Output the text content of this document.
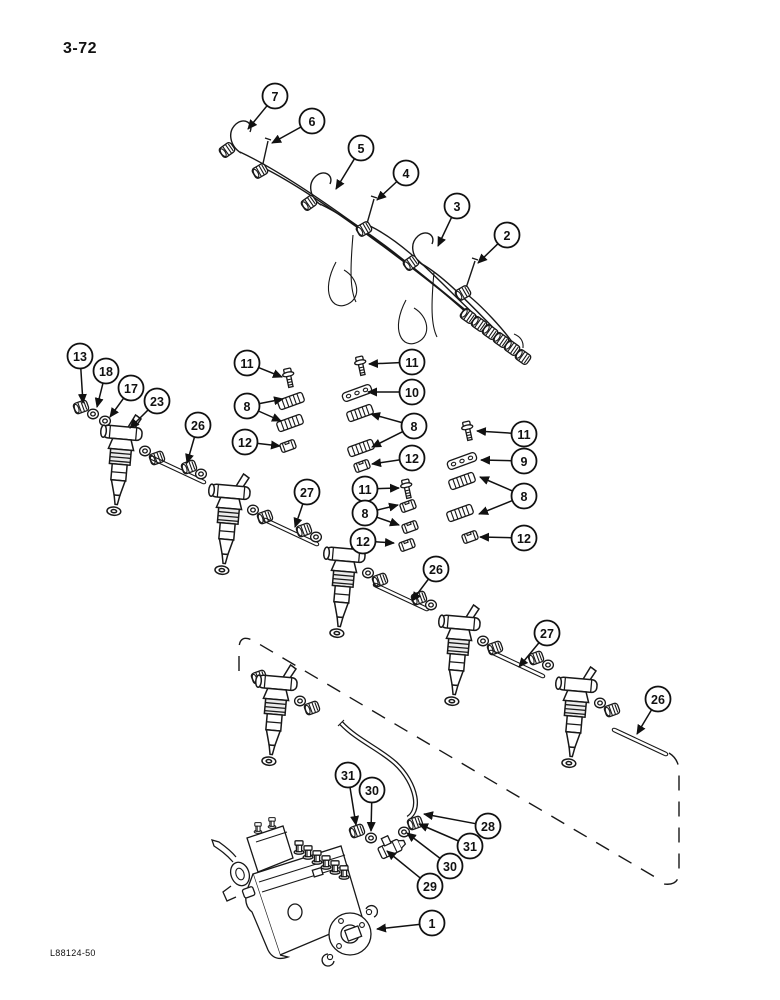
3-72
L88124-50
7
6
5
4
3
2
13
18
17
23
26
27
11
8
12
11
10
8
12
11
8
12
11
9
8
12
26
27
26
31
30
28
31
30
29
1
